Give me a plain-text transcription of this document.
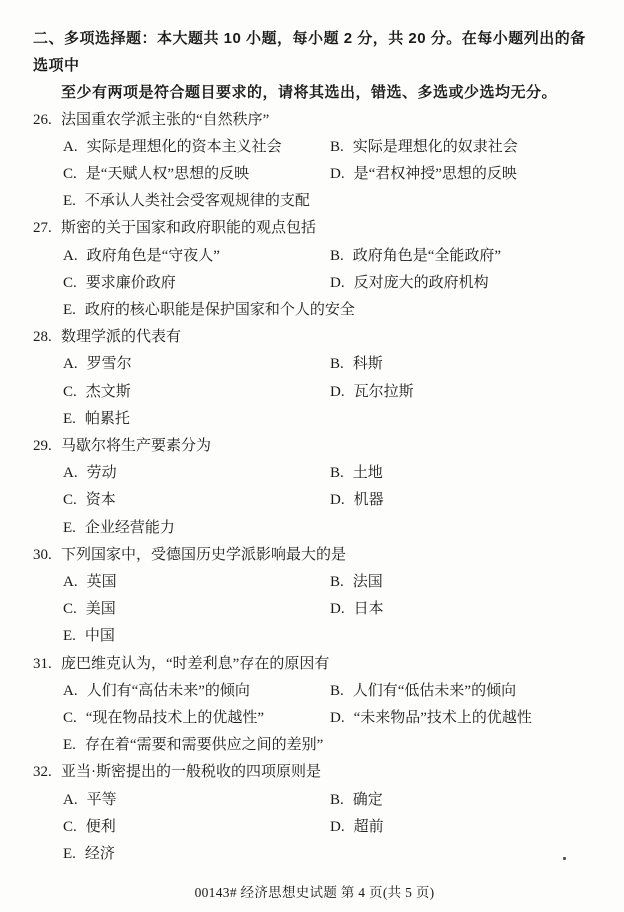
二、多项选择题：本大题共 10 小题，每小题 2 分，共 20 分。在每小题列出的备选项中
至少有两项是符合题目要求的，请将其选出，错选、多选或少选均无分。
26. 法国重农学派主张的“自然秩序”
A. 实际是理想化的资本主义社会	B. 实际是理想化的奴隶社会
C. 是“天赋人权”思想的反映	D. 是“君权神授”思想的反映
E. 不承认人类社会受客观规律的支配
27. 斯密的关于国家和政府职能的观点包括
A. 政府角色是“守夜人”	B. 政府角色是“全能政府”
C. 要求廉价政府	D. 反对庞大的政府机构
E. 政府的核心职能是保护国家和个人的安全
28. 数理学派的代表有
A. 罗雪尔	B. 科斯
C. 杰文斯	D. 瓦尔拉斯
E. 帕累托
29. 马歇尔将生产要素分为
A. 劳动	B. 土地
C. 资本	D. 机器
E. 企业经营能力
30. 下列国家中，受德国历史学派影响最大的是
A. 英国	B. 法国
C. 美国	D. 日本
E. 中国
31. 庞巴维克认为，“时差利息”存在的原因有
A. 人们有“高估未来”的倾向	B. 人们有“低估未来”的倾向
C. “现在物品技术上的优越性”	D. “未来物品”技术上的优越性
E. 存在着“需要和需要供应之间的差别”
32. 亚当·斯密提出的一般税收的四项原则是
A. 平等	B. 确定
C. 便利	D. 超前
E. 经济
00143# 经济思想史试题 第 4 页(共 5 页)
